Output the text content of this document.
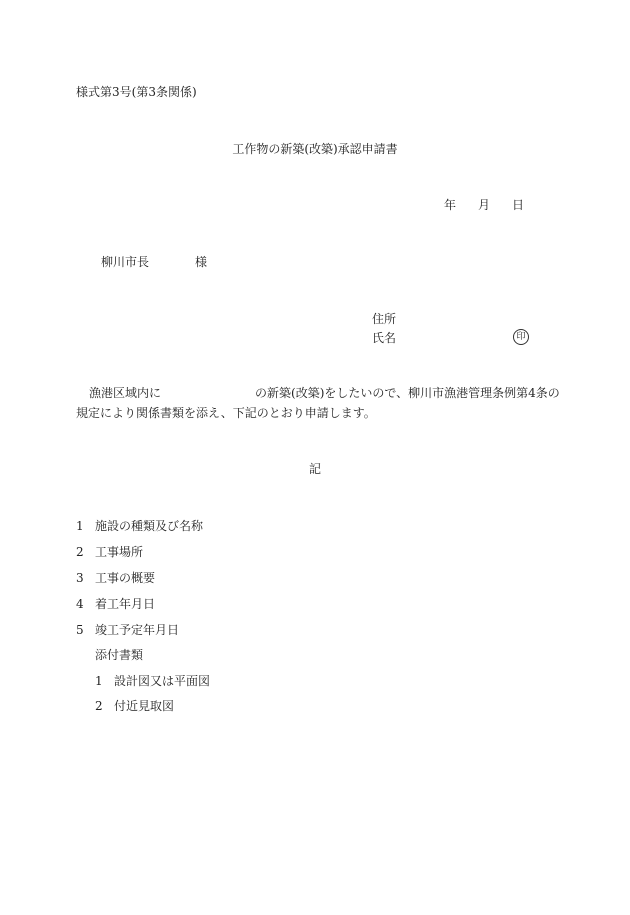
様式第3号(第3条関係)
工作物の新築(改築)承認申請書
年 月 日
柳川市長	様
住所
氏名	印
漁港区域内に	の新築(改築)をしたいので、柳川市漁港管理条例第4条の
規定により関係書類を添え、下記のとおり申請します。
記
1 施設の種類及び名称
2 工事場所
3 工事の概要
4 着工年月日
5 竣工予定年月日
添付書類
1 設計図又は平面図
2 付近見取図
